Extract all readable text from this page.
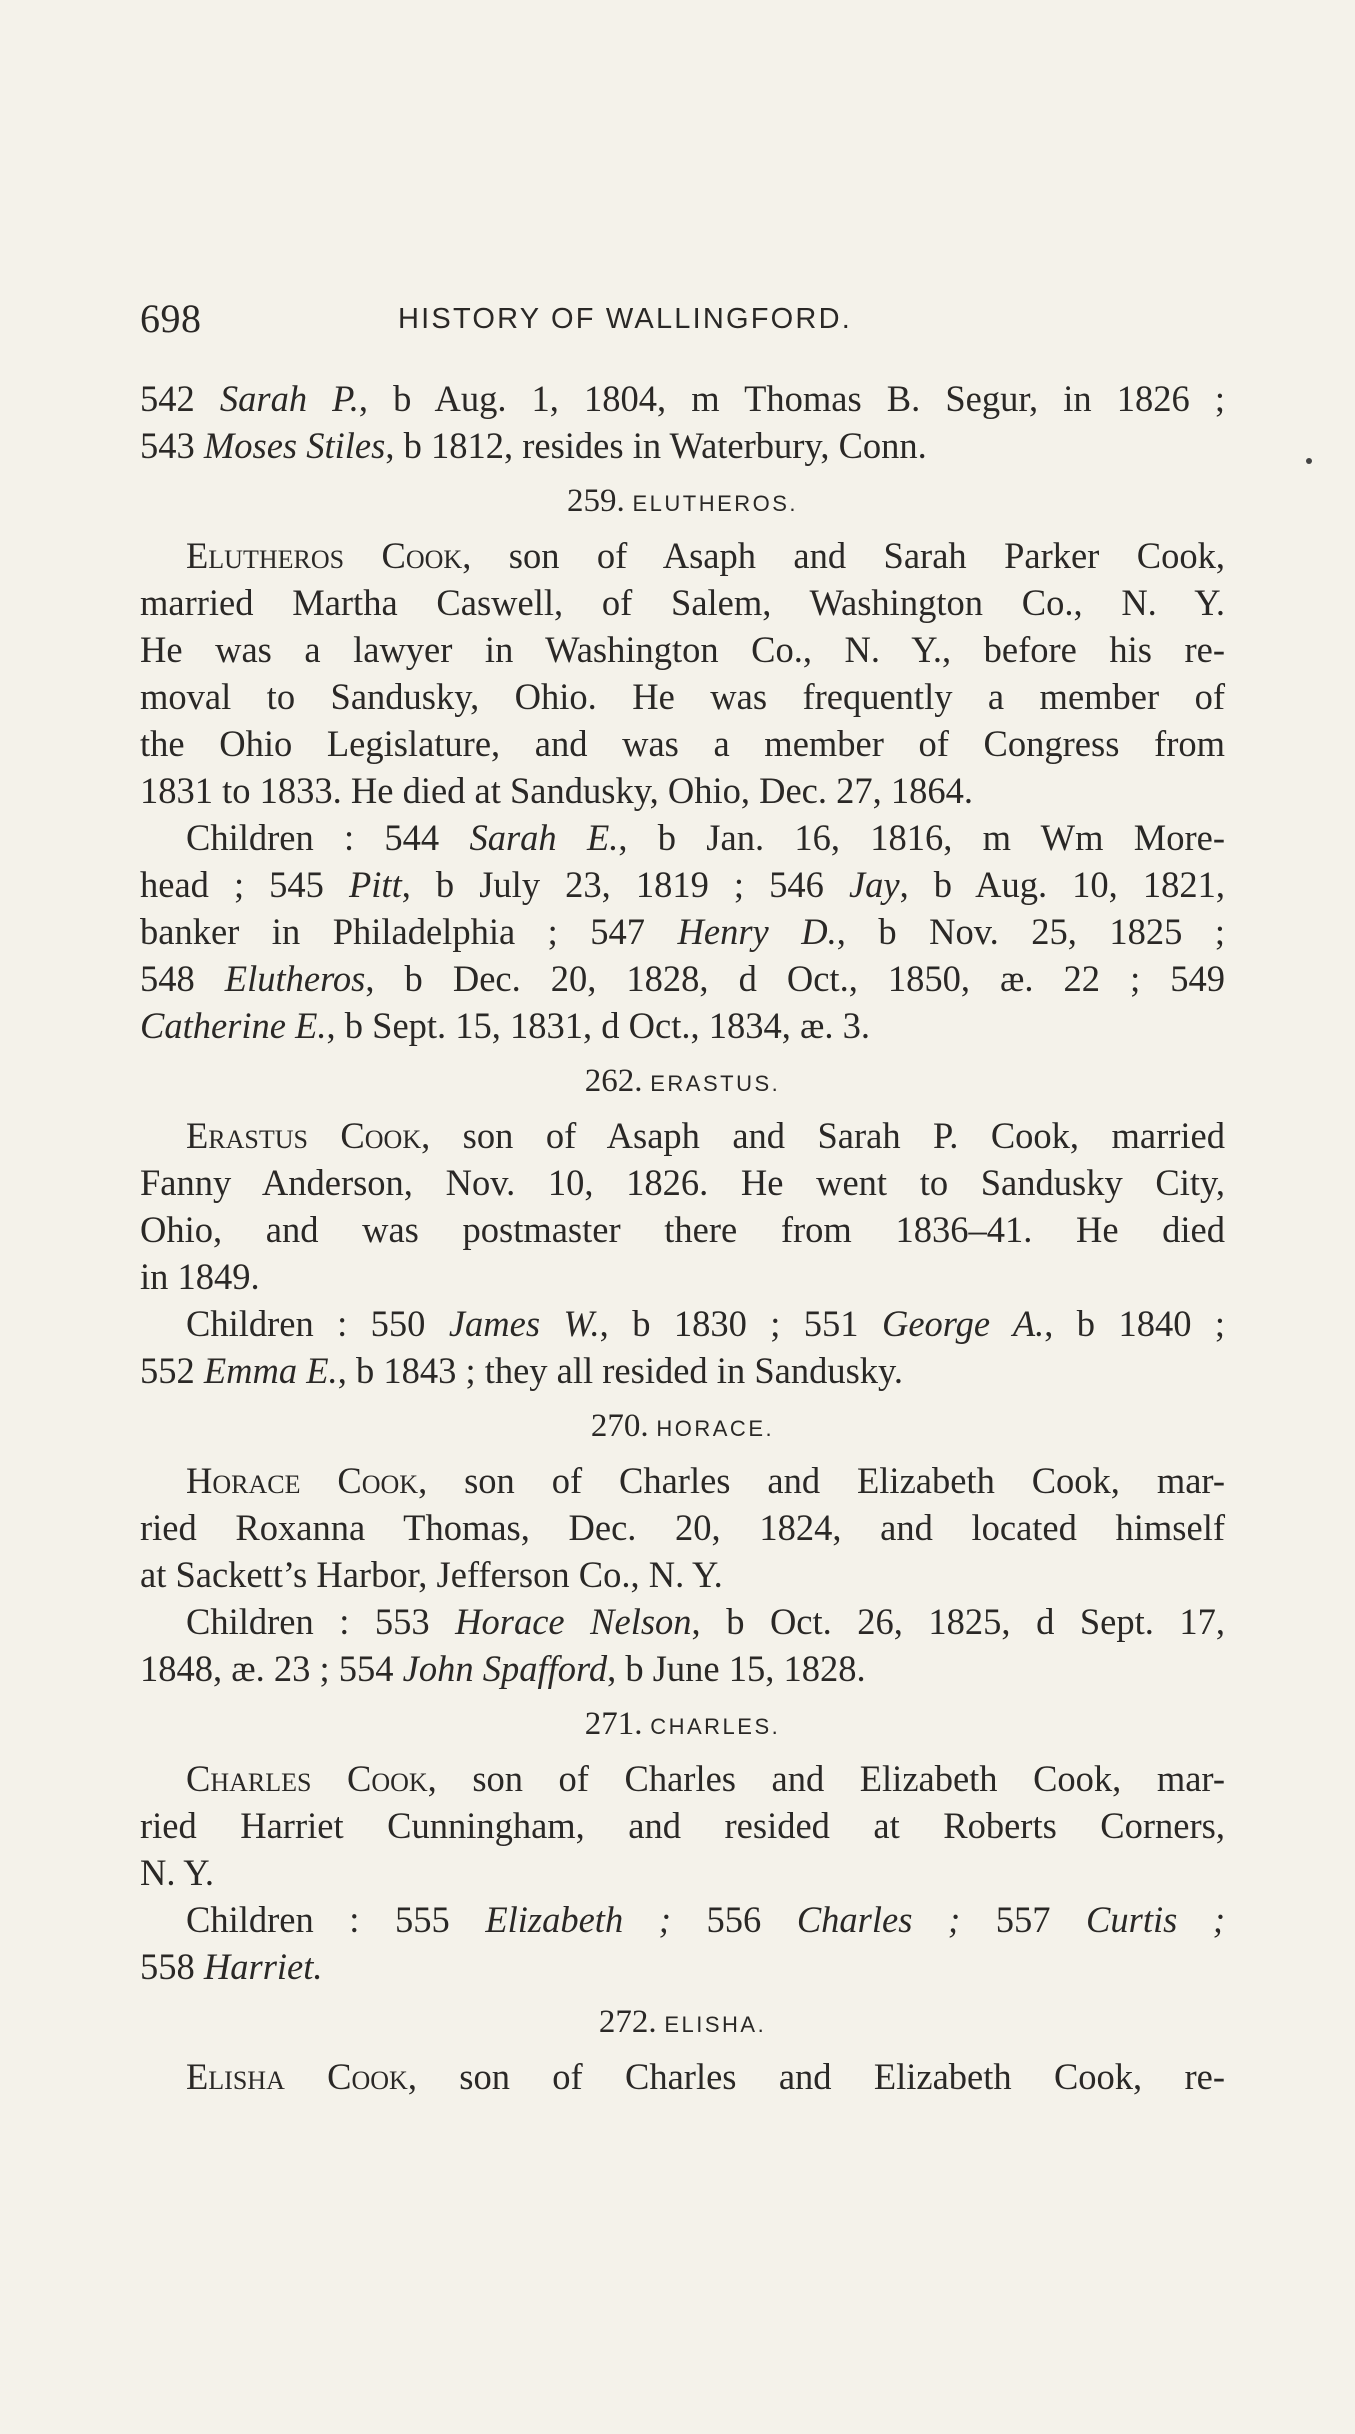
698	HISTORY OF WALLINGFORD.
542 Sarah P., b Aug. 1, 1804, m Thomas B. Segur, in 1826 ;
543 Moses Stiles, b 1812, resides in Waterbury, Conn.
259. ELUTHEROS.
Elutheros Cook, son of Asaph and Sarah Parker Cook,
married Martha Caswell, of Salem, Washington Co., N. Y.
He was a lawyer in Washington Co., N. Y., before his re-
moval to Sandusky, Ohio. He was frequently a member of
the Ohio Legislature, and was a member of Congress from
1831 to 1833. He died at Sandusky, Ohio, Dec. 27, 1864.
Children : 544 Sarah E., b Jan. 16, 1816, m Wm More-
head ; 545 Pitt, b July 23, 1819 ; 546 Jay, b Aug. 10, 1821,
banker in Philadelphia ; 547 Henry D., b Nov. 25, 1825 ;
548 Elutheros, b Dec. 20, 1828, d Oct., 1850, æ. 22 ; 549
Catherine E., b Sept. 15, 1831, d Oct., 1834, æ. 3.
262. ERASTUS.
Erastus Cook, son of Asaph and Sarah P. Cook, married
Fanny Anderson, Nov. 10, 1826. He went to Sandusky City,
Ohio, and was postmaster there from 1836–41. He died
in 1849.
Children : 550 James W., b 1830 ; 551 George A., b 1840 ;
552 Emma E., b 1843 ; they all resided in Sandusky.
270. HORACE.
Horace Cook, son of Charles and Elizabeth Cook, mar-
ried Roxanna Thomas, Dec. 20, 1824, and located himself
at Sackett’s Harbor, Jefferson Co., N. Y.
Children : 553 Horace Nelson, b Oct. 26, 1825, d Sept. 17,
1848, æ. 23 ; 554 John Spafford, b June 15, 1828.
271. CHARLES.
Charles Cook, son of Charles and Elizabeth Cook, mar-
ried Harriet Cunningham, and resided at Roberts Corners,
N. Y.
Children : 555 Elizabeth ; 556 Charles ; 557 Curtis ;
558 Harriet.
272. ELISHA.
Elisha Cook, son of Charles and Elizabeth Cook, re-
